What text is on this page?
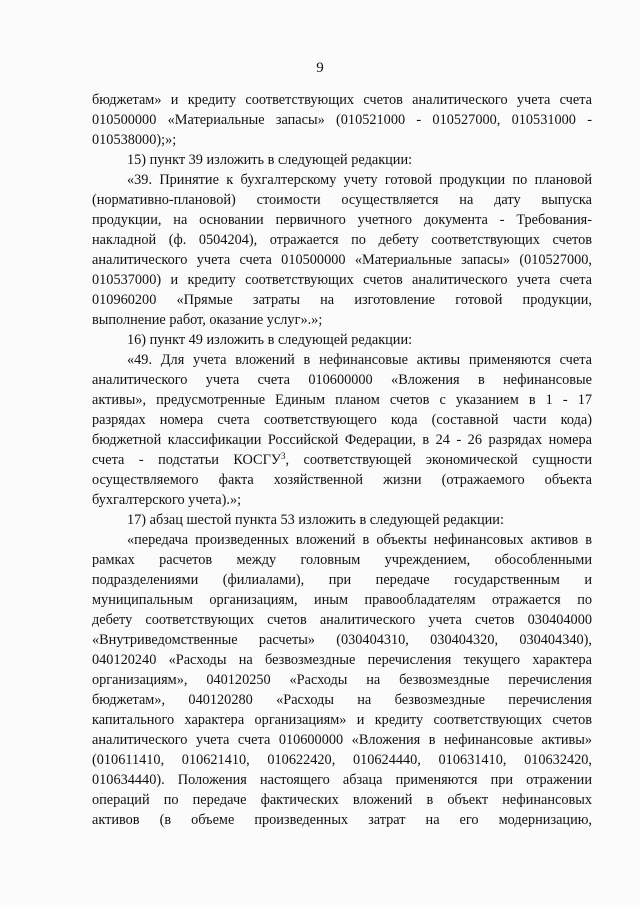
9
бюджетам» и кредиту соответствующих счетов аналитического учета счета
010500000 «Материальные запасы» (010521000 - 010527000, 010531000 -
010538000);»;
15) пункт 39 изложить в следующей редакции:
«39. Принятие к бухгалтерскому учету готовой продукции по плановой
(нормативно-плановой) стоимости осуществляется на дату выпуска
продукции, на основании первичного учетного документа - Требования-
накладной (ф. 0504204), отражается по дебету соответствующих счетов
аналитического учета счета 010500000 «Материальные запасы» (010527000,
010537000) и кредиту соответствующих счетов аналитического учета счета
010960200 «Прямые затраты на изготовление готовой продукции,
выполнение работ, оказание услуг».»;
16) пункт 49 изложить в следующей редакции:
«49. Для учета вложений в нефинансовые активы применяются счета
аналитического учета счета 010600000 «Вложения в нефинансовые
активы», предусмотренные Единым планом счетов с указанием в 1 - 17
разрядах номера счета соответствующего кода (составной части кода)
бюджетной классификации Российской Федерации, в 24 - 26 разрядах номера
счета - подстатьи КОСГУ$^3$, соответствующей экономической сущности
осуществляемого факта хозяйственной жизни (отражаемого объекта
бухгалтерского учета).»;
17) абзац шестой пункта 53 изложить в следующей редакции:
«передача произведенных вложений в объекты нефинансовых активов в
рамках расчетов между головным учреждением, обособленными
подразделениями (филиалами), при передаче государственным и
муниципальным организациям, иным правообладателям отражается по
дебету соответствующих счетов аналитического учета счетов 030404000
«Внутриведомственные расчеты» (030404310, 030404320, 030404340),
040120240 «Расходы на безвозмездные перечисления текущего характера
организациям», 040120250 «Расходы на безвозмездные перечисления
бюджетам», 040120280 «Расходы на безвозмездные перечисления
капитального характера организациям» и кредиту соответствующих счетов
аналитического учета счета 010600000 «Вложения в нефинансовые активы»
(010611410, 010621410, 010622420, 010624440, 010631410, 010632420,
010634440). Положения настоящего абзаца применяются при отражении
операций по передаче фактических вложений в объект нефинансовых
активов (в объеме произведенных затрат на его модернизацию,
